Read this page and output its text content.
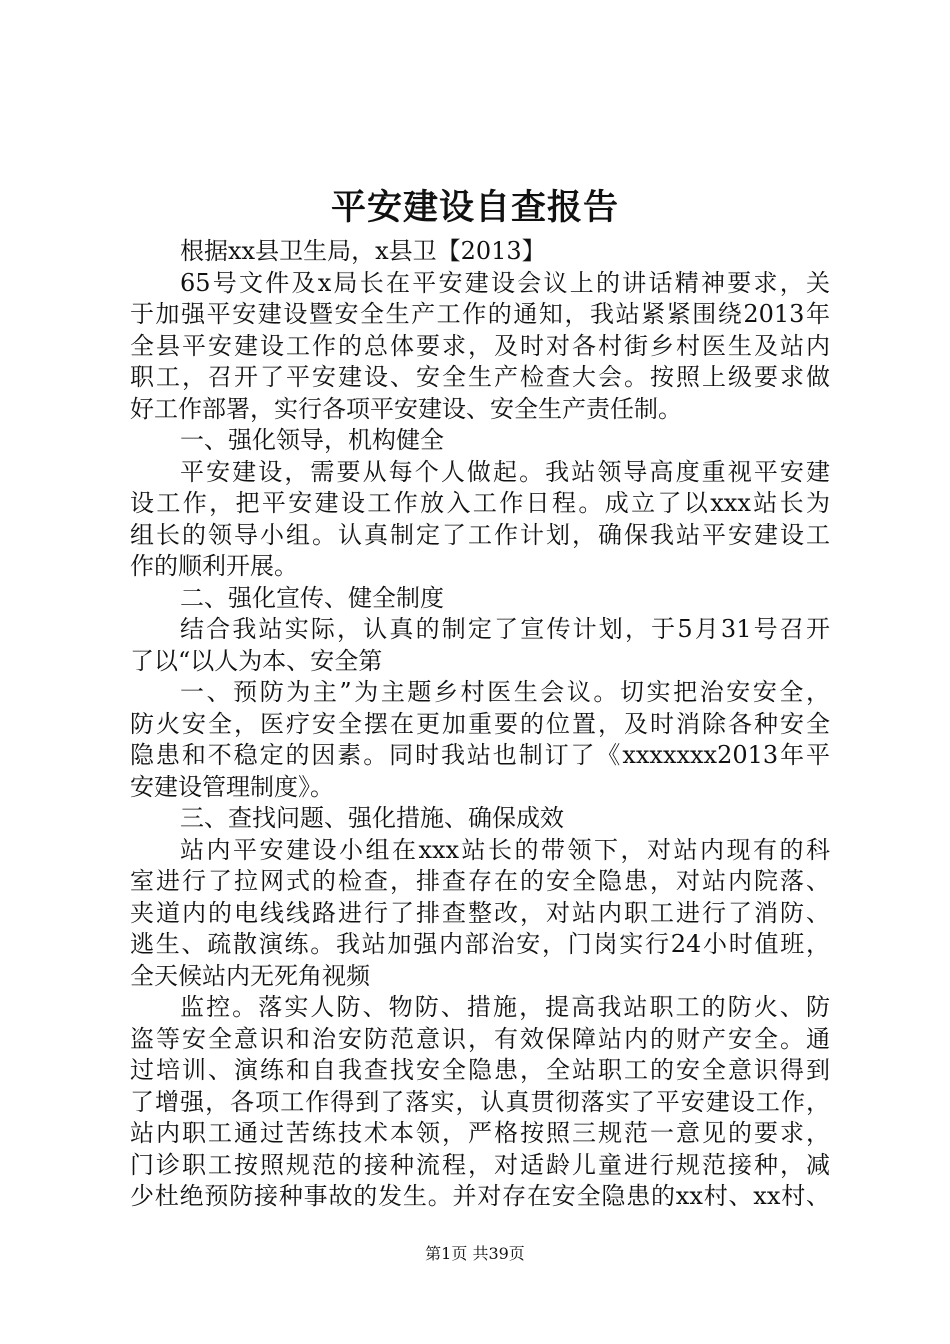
平安建设自查报告
根据xx县卫生局，x县卫【2013】
65号文件及x局长在平安建设会议上的讲话精神要求，关
于加强平安建设暨安全生产工作的通知，我站紧紧围绕2013年
全县平安建设工作的总体要求，及时对各村街乡村医生及站内
职工，召开了平安建设、安全生产检查大会。按照上级要求做
好工作部署，实行各项平安建设、安全生产责任制。
一、强化领导，机构健全
平安建设，需要从每个人做起。我站领导高度重视平安建
设工作，把平安建设工作放入工作日程。成立了以xxx站长为
组长的领导小组。认真制定了工作计划，确保我站平安建设工
作的顺利开展。
二、强化宣传、健全制度
结合我站实际，认真的制定了宣传计划，于5月31号召开
了以“以人为本、安全第
一、预防为主”为主题乡村医生会议。切实把治安安全，
防火安全，医疗安全摆在更加重要的位置，及时消除各种安全
隐患和不稳定的因素。同时我站也制订了《xxxxxxx2013年平
安建设管理制度》。
三、查找问题、强化措施、确保成效
站内平安建设小组在xxx站长的带领下，对站内现有的科
室进行了拉网式的检查，排查存在的安全隐患，对站内院落、
夹道内的电线线路进行了排查整改，对站内职工进行了消防、
逃生、疏散演练。我站加强内部治安，门岗实行24小时值班，
全天候站内无死角视频
监控。落实人防、物防、措施，提高我站职工的防火、防
盗等安全意识和治安防范意识，有效保障站内的财产安全。通
过培训、演练和自我查找安全隐患，全站职工的安全意识得到
了增强，各项工作得到了落实，认真贯彻落实了平安建设工作，
站内职工通过苦练技术本领，严格按照三规范一意见的要求，
门诊职工按照规范的接种流程，对适龄儿童进行规范接种，减
少杜绝预防接种事故的发生。并对存在安全隐患的xx村、xx村、
第1页 共39页
